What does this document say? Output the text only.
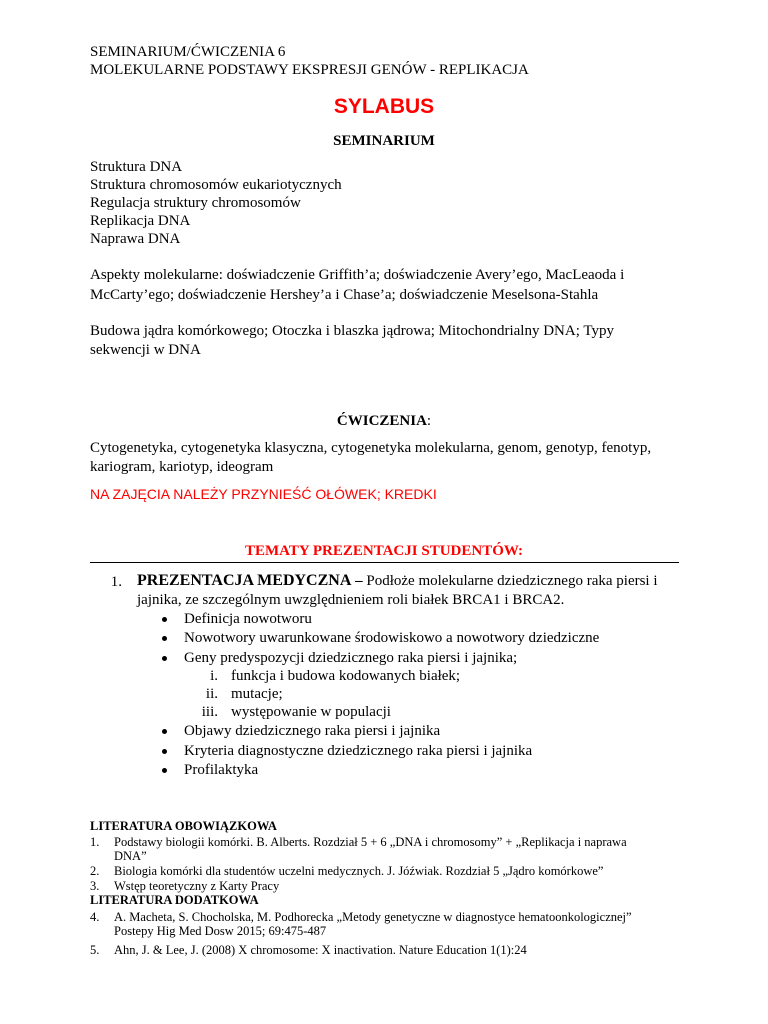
SEMINARIUM/ĆWICZENIA 6
MOLEKULARNE PODSTAWY EKSPRESJI GENÓW - REPLIKACJA
SYLABUS
SEMINARIUM
Struktura DNA
Struktura chromosomów eukariotycznych
Regulacja struktury chromosomów
Replikacja DNA
Naprawa DNA
Aspekty molekularne: doświadczenie Griffith’a; doświadczenie Avery’ego, MacLeaoda i
McCarty’ego; doświadczenie Hershey’a i Chase’a; doświadczenie Meselsona-Stahla
Budowa jądra komórkowego; Otoczka i blaszka jądrowa; Mitochondrialny DNA; Typy
sekwencji w DNA
ĆWICZENIA:
Cytogenetyka, cytogenetyka klasyczna, cytogenetyka molekularna, genom, genotyp, fenotyp,
kariogram, kariotyp, ideogram
NA ZAJĘCIA NALEŻY PRZYNIEŚĆ OŁÓWEK; KREDKI
TEMATY PREZENTACJI STUDENTÓW:
1. PREZENTACJA MEDYCZNA – Podłoże molekularne dziedzicznego raka piersi i
jajnika, ze szczególnym uwzględnieniem roli białek BRCA1 i BRCA2.
Definicja nowotworu
Nowotwory uwarunkowane środowiskowo a nowotwory dziedziczne
Geny predyspozycji dziedzicznego raka piersi i jajnika;
i. funkcja i budowa kodowanych białek;
ii. mutacje;
iii. występowanie w populacji
Objawy dziedzicznego raka piersi i jajnika
Kryteria diagnostyczne dziedzicznego raka piersi i jajnika
Profilaktyka
LITERATURA OBOWIĄZKOWA
1. Podstawy biologii komórki. B. Alberts. Rozdział 5 + 6 „DNA i chromosomy” + „Replikacja i naprawa
DNA”
2. Biologia komórki dla studentów uczelni medycznych. J. Jóźwiak. Rozdział 5 „Jądro komórkowe”
3. Wstęp teoretyczny z Karty Pracy
LITERATURA DODATKOWA
4. A. Macheta, S. Chocholska, M. Podhorecka „Metody genetyczne w diagnostyce hematoonkologicznej”
Postepy Hig Med Dosw 2015; 69:475-487
5. Ahn, J. & Lee, J. (2008) X chromosome: X inactivation. Nature Education 1(1):24
